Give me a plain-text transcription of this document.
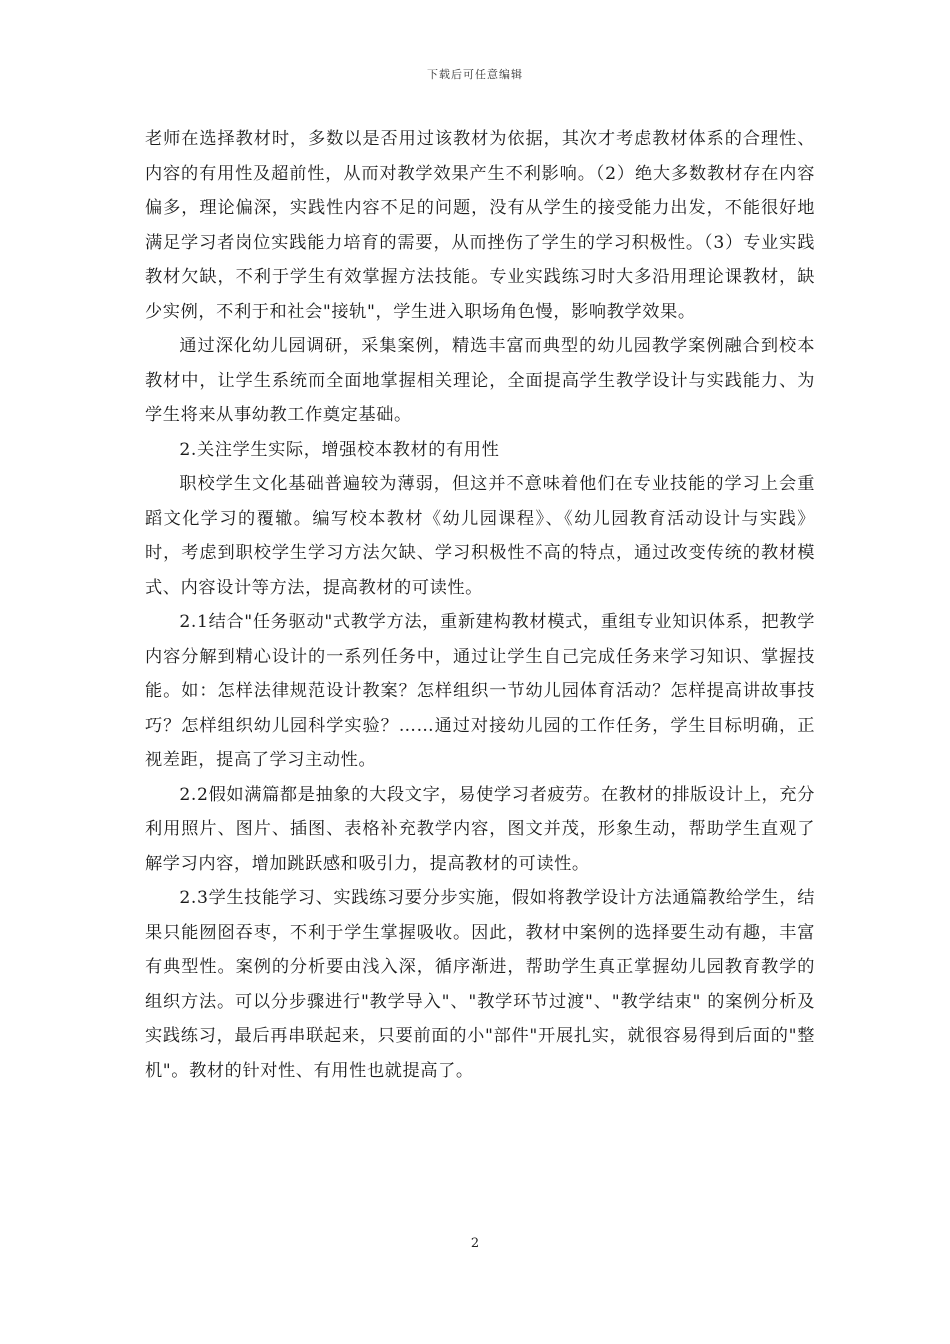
下载后可任意编辑

老师在选择教材时，多数以是否用过该教材为依据，其次才考虑教材体系的合理性、内容的有用性及超前性，从而对教学效果产生不利影响。（2）绝大多数教材存在内容偏多，理论偏深，实践性内容不足的问题，没有从学生的接受能力出发，不能很好地满足学习者岗位实践能力培育的需要，从而挫伤了学生的学习积极性。（3）专业实践教材欠缺，不利于学生有效掌握方法技能。专业实践练习时大多沿用理论课教材，缺少实例，不利于和社会"接轨"，学生进入职场角色慢，影响教学效果。

通过深化幼儿园调研，采集案例，精选丰富而典型的幼儿园教学案例融合到校本教材中，让学生系统而全面地掌握相关理论，全面提高学生教学设计与实践能力、为学生将来从事幼教工作奠定基础。

2.关注学生实际，增强校本教材的有用性

职校学生文化基础普遍较为薄弱，但这并不意味着他们在专业技能的学习上会重蹈文化学习的覆辙。编写校本教材《幼儿园课程》、《幼儿园教育活动设计与实践》时，考虑到职校学生学习方法欠缺、学习积极性不高的特点，通过改变传统的教材模式、内容设计等方法，提高教材的可读性。

2.1结合"任务驱动"式教学方法，重新建构教材模式，重组专业知识体系，把教学内容分解到精心设计的一系列任务中，通过让学生自己完成任务来学习知识、掌握技能。如：怎样法律规范设计教案？怎样组织一节幼儿园体育活动？怎样提高讲故事技巧？怎样组织幼儿园科学实验？……通过对接幼儿园的工作任务，学生目标明确，正视差距，提高了学习主动性。

2.2假如满篇都是抽象的大段文字，易使学习者疲劳。在教材的排版设计上，充分利用照片、图片、插图、表格补充教学内容，图文并茂，形象生动，帮助学生直观了解学习内容，增加跳跃感和吸引力，提高教材的可读性。

2.3学生技能学习、实践练习要分步实施，假如将教学设计方法通篇教给学生，结果只能囫囵吞枣，不利于学生掌握吸收。因此，教材中案例的选择要生动有趣，丰富有典型性。案例的分析要由浅入深，循序渐进，帮助学生真正掌握幼儿园教育教学的组织方法。可以分步骤进行"教学导入"、"教学环节过渡"、"教学结束" 的案例分析及实践练习，最后再串联起来，只要前面的小"部件"开展扎实，就很容易得到后面的"整机"。教材的针对性、有用性也就提高了。

2
